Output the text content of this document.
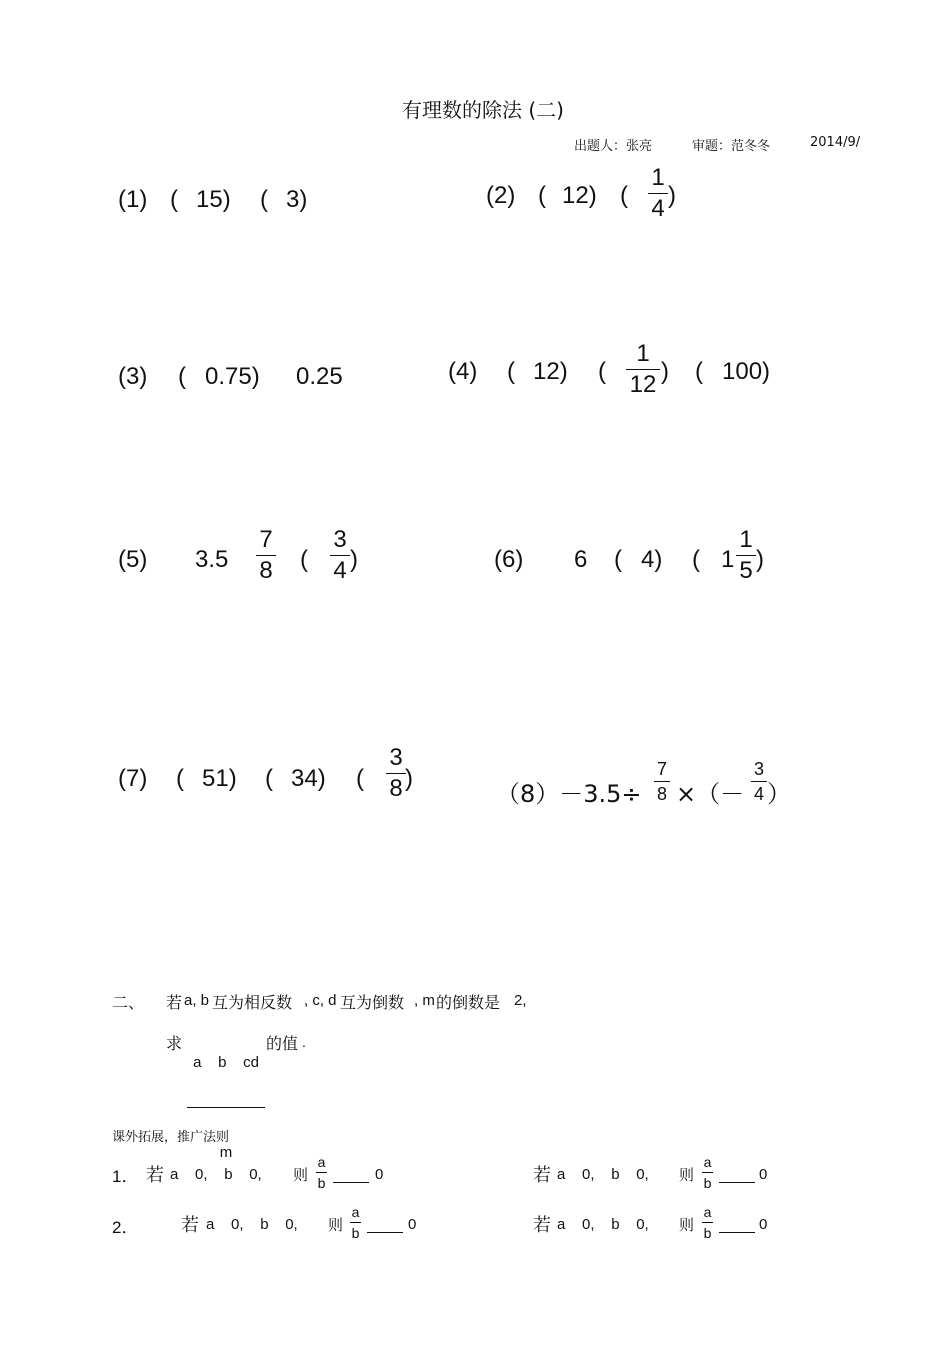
有理数的除法 (二)
出题人：张亮	审题：范冬冬	2014/9/
(1) ( 15) ( 3)	(2) ( 12) (
1
4 )
(3) ( 0.75) 0.25	(4) ( 12) (
1
12 ) ( 100)
(5) 3.5
7
8 (
3
4 )	(6) 6 ( 4) ( 1
1
5 )
(7) ( 51) ( 34) (
3
8 )
（8）－3.5÷
7
8 ×（－
3
4 ）
二、 若 a, b 互为相反数 , c, d 互为倒数 , m 的倒数是 2,
求

a    b    cd

m

的值 .
课外拓展，推广法则
1． 若 a    0,    b    0, 则
a
b	0	若 a    0,    b    0, 则
a
b	0
2． 若 a    0,    b    0, 则
a
b	0	若 a    0,    b    0, 则
a
b	0
